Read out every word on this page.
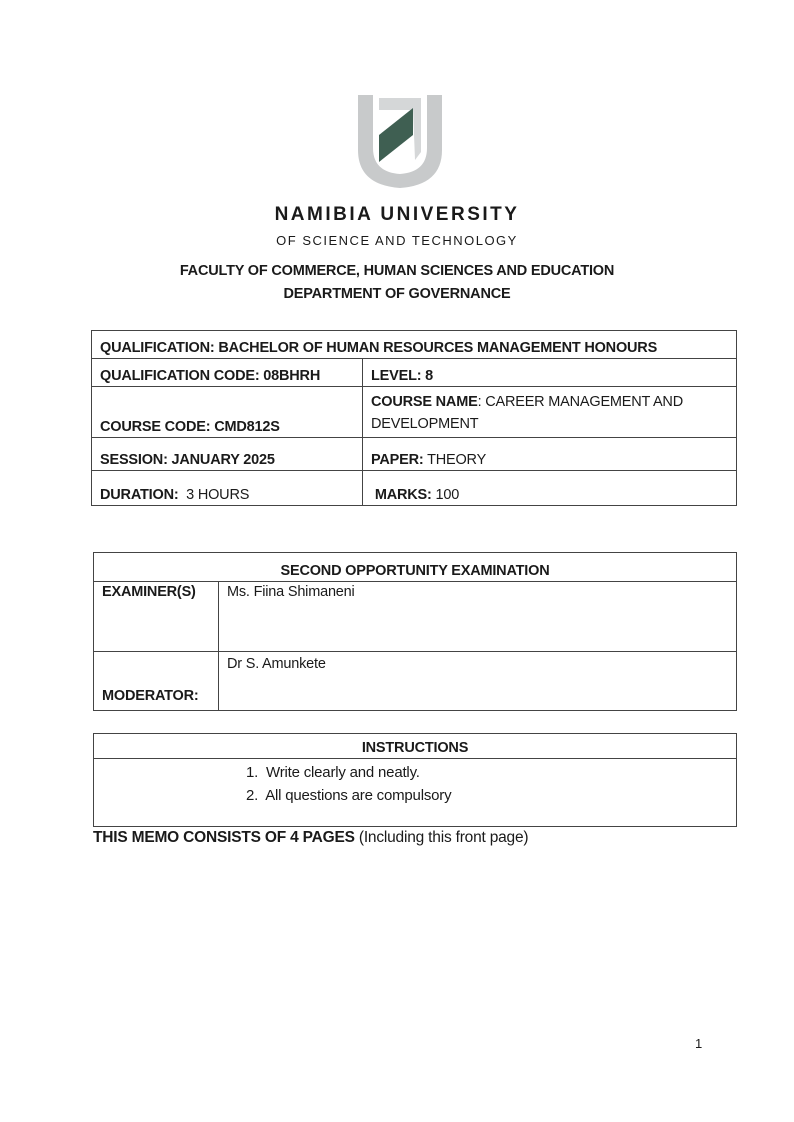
NAMIBIA UNIVERSITY
OF SCIENCE AND TECHNOLOGY
FACULTY OF COMMERCE, HUMAN SCIENCES AND EDUCATION
DEPARTMENT OF GOVERNANCE
QUALIFICATION: BACHELOR OF HUMAN RESOURCES MANAGEMENT HONOURS	
QUALIFICATION CODE: 08BHRH	LEVEL: 8
COURSE CODE: CMD812S	COURSE NAME: CAREER MANAGEMENT AND DEVELOPMENT
SESSION: JANUARY 2025	PAPER: THEORY
DURATION:  3 HOURS	MARKS: 100
SECOND OPPORTUNITY EXAMINATION	
EXAMINER(S)	Ms. Fiina Shimaneni
MODERATOR:	Dr S. Amunkete
INSTRUCTIONS

1.  Write clearly and neatly.
2.  All questions are compulsory
THIS MEMO CONSISTS OF 4 PAGES (Including this front page)
1
